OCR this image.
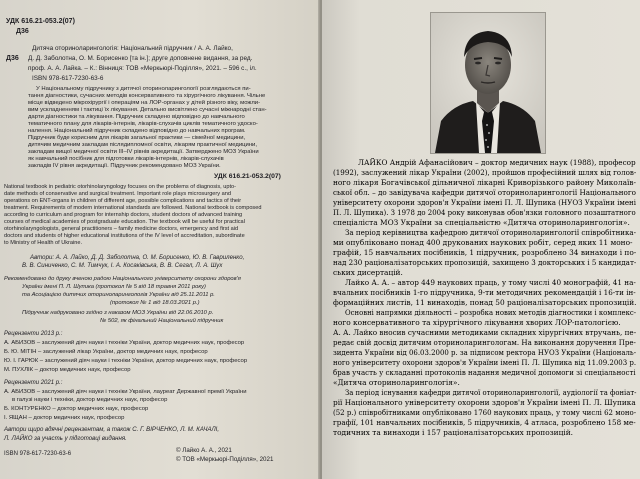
УДК 616.21-053.2(07)
Д36
Д36
Дитяча оториноларингологія: Національний підручник / А. А. Лайко,
Д. Д. Заболотна, О. М. Борисенко [та ін.]; друге доповнене видання, за ред.
проф. А. А. Лайка. – К.: Вінниця: ТОВ «Меркьюрі-Поділля», 2021. – 596 с., іл.
ISBN 978-617-7230-63-6
У Національному підручнику з дитячої оториноларингології розглядаються пи-
тання діагностики, сучасних методів консервативного та хірургічного лікування. Чільне
місце відведено мікрохірургії і операціям на ЛОР-органах у дітей різного віку, можли-
вим ускладненням і тактиці їх лікування. Детально висвітлено сучасні міжнародні стан-
дарти діагностики та лікування. Підручник складено відповідно до навчального
тематичного плану для лікарів-інтернів, лікарів-слухачів циклів тематичного удоско-
налення. Національний підручник складено відповідно до навчальних програм.
Підручник буде корисним для лікарів загальної практики — сімейної медицини,
дитячим медичним закладам післядипломної освіти, лікарям практичної медицини,
закладам вищої медичної освіти III–IV рівнів акредитації. Затверджено МОЗ України
як навчальний посібник для підготовки лікарів-інтернів, лікарів-слухачів
закладів IV рівня акредитації. Підручник рекомендовано МОЗ України.
УДК 616.21-053.2(07)
National textbook in pediatric otorhinolaryngology focuses on the problems of diagnosis, upto-
date methods of conservative and surgical treatment. Important role plays microsurgery and
operations on ENT-organs in children of different age, possible complications and tactics of their
treatment. Requirements of modern international standards are followed. National textbook is composed
according to curriculum and program for internship doctors, student doctors of advanced training
courses of medical academies of postgraduate education. The textbook will be useful for practical
otorhinolaryngologists, general practitioners – family medicine doctors, emergency and first aid
doctors and students of higher educational institutions of the IV level of accreditation, subordinate
to Ministry of Health of Ukraine.
Автори: А. А. Лайко, Д. Д. Заболотна, О. М. Борисенко, Ю. В. Гавриленко,
В. В. Синиченко, С. М. Тимчук, І. А. Косаківська, В. В. Сегал, Л. А. Шух
Рекомендовано до друку вченою радою Національного університету охорони здоров'я
України імені П. Л. Шупика (протокол № 5 від 18 травня 2011 року)
та Асоціацією дитячих оториноларингологів України від 25.11.2011 р.
(протокол № 1 від 18.03.2021 р.)
Підручник надруковано згідно з наказом МОЗ України від 22.06.2010 р.
№ 502, як фінальний Національний підручник
Рецензенти 2013 р.:
А. АБИЗОВ – заслужений діяч науки і техніки України, доктор медичних наук, професор
Б. Ю. МІТІН – заслужений лікар України, доктор медичних наук, професор
Ю. І. ГАРЮК – заслужений діяч науки і техніки України, доктор медичних наук, професор
М. ПУХЛІК – доктор медичних наук, професор
Рецензенти 2021 р.:
А. АБИЗОВ – заслужений діяч науки і техніки України, лауреат Державної премії України
в галузі науки і техніки, доктор медичних наук, професор
Б. КОНТУРЕНКО – доктор медичних наук, професор
І. ЯЩАН – доктор медичних наук, професор
Автори щиро вдячні рецензентам, а також С. Г. ВІРЧЕНКО, Л. М. КАЧАЛІ,
Л. ЛАЙКО за участь у підготовці видання.
ISBN 978-617-7230-63-6	© Лайко А. А., 2021
© ТОВ «Меркьюрі-Поділля», 2021
ЛАЙКО Андрій Афанасійович – доктор медичних наук (1988), професор
(1992), заслужений лікар України (2002), пройшов професійний шлях від голов-
ного лікаря Богачівської дільничної лікарні Криворізького району Миколаїв-
ської обл. – до завідувача кафедри дитячої оториноларингології Національного
університету охорони здоров'я України імені П. Л. Шупика (НУОЗ України імені
П. Л. Шупика). З 1978 до 2004 року виконував обов'язки головного позаштатного
спеціаліста МОЗ України за спеціальністю «Дитяча оториноларингологія».
За період керівництва кафедрою дитячої оториноларингології співробітника-
ми опубліковано понад 400 друкованих наукових робіт, серед яких 11 моно-
графій, 15 навчальних посібників, 1 підручник, розроблено 34 винаходи і по-
над 230 раціоналізаторських пропозицій, захищено 3 докторських і 5 кандидат-
ських дисертацій.
Лайко А. А. – автор 449 наукових праць, у тому числі 40 монографій, 41 на-
вчальних посібників 1-го підручника, 9-ти методичних рекомендацій і 16-ти ін-
формаційних листів, 11 винаходів, понад 50 раціоналізаторських пропозицій.
Основні напрямки діяльності – розробка нових методів діагностики і комплекс-
ного консервативного та хірургічного лікування хворих ЛОР-патологією.
А. А. Лайко вносив сучасними методиками складних хірургічних втручань, пе-
редає свій досвід дитячим оториноларингологам. На виконання доручення Пре-
зидента України від 06.03.2000 р. за підписом ректора НУОЗ України (Національ-
ного університету охорони здоров'я України імені П. Л. Шупика від 11.09.2003 р.
брав участь у складанні протоколів надання медичної допомоги зі спеціальності
«Дитяча оториноларингологія».
За період існування кафедри дитячої оториноларингології, аудіології та фоніат-
рії Національного університету охорони здоров'я України імені П. Л. Шупика
(52 р.) співробітниками опубліковано 1760 наукових праць, у тому числі 62 моно-
графії, 101 навчальних посібників, 5 підручників, 4 атласа, розроблено 158 ме-
тодичних та винаходи і 157 раціоналізаторських пропозицій.
